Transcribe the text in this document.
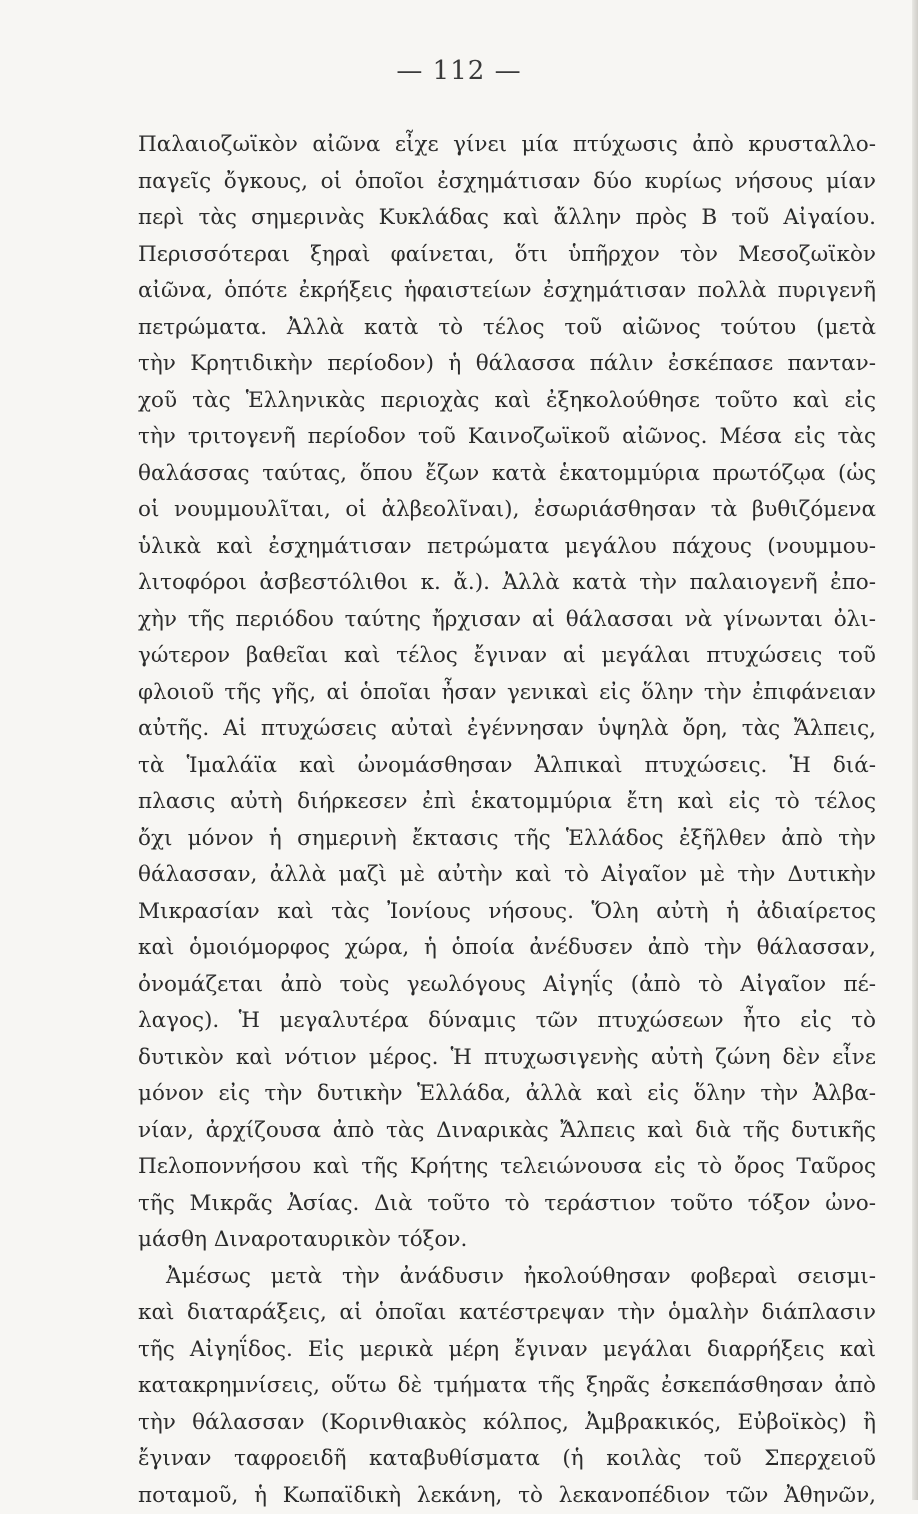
— 112 —
Παλαιοζωϊκὸν αἰῶνα εἶχε γίνει μία πτύχωσις ἀπὸ κρυσταλλο-
παγεῖς ὄγκους, οἱ ὁποῖοι ἐσχημάτισαν δύο κυρίως νήσους μίαν
περὶ τὰς σημερινὰς Κυκλάδας καὶ ἄλλην πρὸς Β τοῦ Αἰγαίου.
Περισσότεραι ξηραὶ φαίνεται, ὅτι ὑπῆρχον τὸν Μεσοζωϊκὸν
αἰῶνα, ὁπότε ἐκρήξεις ἡφαιστείων ἐσχημάτισαν πολλὰ πυριγενῆ
πετρώματα. Ἀλλὰ κατὰ τὸ τέλος τοῦ αἰῶνος τούτου (μετὰ
τὴν Κρητιδικὴν περίοδον) ἡ θάλασσα πάλιν ἐσκέπασε πανταν-
χοῦ τὰς Ἑλληνικὰς περιοχὰς καὶ ἐξηκολούθησε τοῦτο καὶ εἰς
τὴν τριτογενῆ περίοδον τοῦ Καινοζωϊκοῦ αἰῶνος. Μέσα εἰς τὰς
θαλάσσας ταύτας, ὅπου ἔζων κατὰ ἑκατομμύρια πρωτόζῳα (ὡς
οἱ νουμμουλῖται, οἱ ἀλβεολῖναι), ἐσωριάσθησαν τὰ βυθιζόμενα
ὑλικὰ καὶ ἐσχημάτισαν πετρώματα μεγάλου πάχους (νουμμου-
λιτοφόροι ἀσβεστόλιθοι κ. ἄ.). Ἀλλὰ κατὰ τὴν παλαιογενῆ ἐπο-
χὴν τῆς περιόδου ταύτης ἤρχισαν αἱ θάλασσαι νὰ γίνωνται ὀλι-
γώτερον βαθεῖαι καὶ τέλος ἔγιναν αἱ μεγάλαι πτυχώσεις τοῦ
φλοιοῦ τῆς γῆς, αἱ ὁποῖαι ἦσαν γενικαὶ εἰς ὅλην τὴν ἐπιφάνειαν
αὐτῆς. Αἱ πτυχώσεις αὐταὶ ἐγέννησαν ὑψηλὰ ὄρη, τὰς Ἄλπεις,
τὰ Ἱμαλάϊα καὶ ὠνομάσθησαν Ἀλπικαὶ πτυχώσεις. Ἡ διά-
πλασις αὐτὴ διήρκεσεν ἐπὶ ἑκατομμύρια ἔτη καὶ εἰς τὸ τέλος
ὄχι μόνον ἡ σημερινὴ ἔκτασις τῆς Ἑλλάδος ἐξῆλθεν ἀπὸ τὴν
θάλασσαν, ἀλλὰ μαζὶ μὲ αὐτὴν καὶ τὸ Αἰγαῖον μὲ τὴν Δυτικὴν
Μικρασίαν καὶ τὰς Ἰονίους νήσους. Ὅλη αὐτὴ ἡ ἀδιαίρετος
καὶ ὁμοιόμορφος χώρα, ἡ ὁποία ἀνέδυσεν ἀπὸ τὴν θάλασσαν,
ὀνομάζεται ἀπὸ τοὺς γεωλόγους Αἰγηΐς (ἀπὸ τὸ Αἰγαῖον πέ-
λαγος). Ἡ μεγαλυτέρα δύναμις τῶν πτυχώσεων ἦτο εἰς τὸ
δυτικὸν καὶ νότιον μέρος. Ἡ πτυχωσιγενὴς αὐτὴ ζώνη δὲν εἶνε
μόνον εἰς τὴν δυτικὴν Ἑλλάδα, ἀλλὰ καὶ εἰς ὅλην τὴν Ἀλβα-
νίαν, ἀρχίζουσα ἀπὸ τὰς Διναρικὰς Ἄλπεις καὶ διὰ τῆς δυτικῆς
Πελοποννήσου καὶ τῆς Κρήτης τελειώνουσα εἰς τὸ ὄρος Ταῦρος
τῆς Μικρᾶς Ἀσίας. Διὰ τοῦτο τὸ τεράστιον τοῦτο τόξον ὠνο-
μάσθη Διναροταυρικὸν τόξον.
Ἀμέσως μετὰ τὴν ἀνάδυσιν ἠκολούθησαν φοβεραὶ σεισμι-
καὶ διαταράξεις, αἱ ὁποῖαι κατέστρεψαν τὴν ὁμαλὴν διάπλασιν
τῆς Αἰγηΐδος. Εἰς μερικὰ μέρη ἔγιναν μεγάλαι διαρρήξεις καὶ
κατακρημνίσεις, οὕτω δὲ τμήματα τῆς ξηρᾶς ἐσκεπάσθησαν ἀπὸ
τὴν θάλασσαν (Κορινθιακὸς κόλπος, Ἀμβρακικός, Εὐβοϊκὸς) ἢ
ἔγιναν ταφροειδῆ καταβυθίσματα (ἡ κοιλὰς τοῦ Σπερχειοῦ
ποταμοῦ, ἡ Κωπαϊδικὴ λεκάνη, τὸ λεκανοπέδιον τῶν Ἀθηνῶν,
